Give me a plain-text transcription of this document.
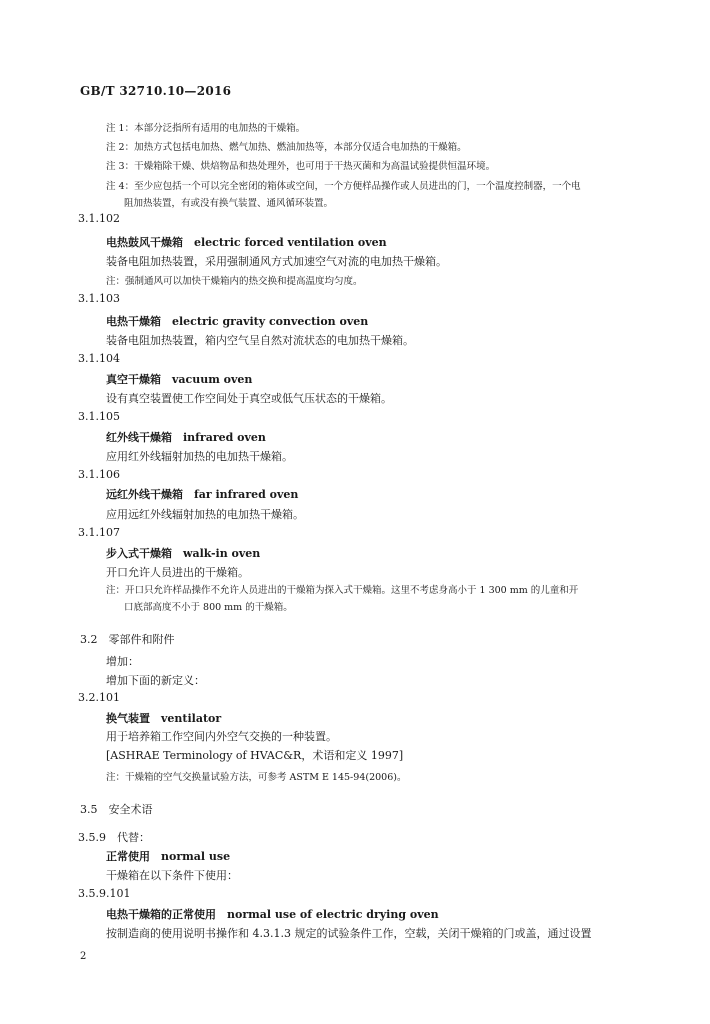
GB/T 32710.10—2016
注 1：本部分泛指所有适用的电加热的干燥箱。
注 2：加热方式包括电加热、燃气加热、燃油加热等，本部分仅适合电加热的干燥箱。
注 3：干燥箱除干燥、烘焙物品和热处理外，也可用于干热灭菌和为高温试验提供恒温环境。
注 4：至少应包括一个可以完全密闭的箱体或空间，一个方便样品操作或人员进出的门，一个温度控制器，一个电
阻加热装置，有或没有换气装置、通风循环装置。
3.1.102
电热鼓风干燥箱　electric forced ventilation oven
装备电阻加热装置，采用强制通风方式加速空气对流的电加热干燥箱。
注：强制通风可以加快干燥箱内的热交换和提高温度均匀度。
3.1.103
电热干燥箱　electric gravity convection oven
装备电阻加热装置，箱内空气呈自然对流状态的电加热干燥箱。
3.1.104
真空干燥箱　vacuum oven
设有真空装置使工作空间处于真空或低气压状态的干燥箱。
3.1.105
红外线干燥箱　infrared oven
应用红外线辐射加热的电加热干燥箱。
3.1.106
远红外线干燥箱　far infrared oven
应用远红外线辐射加热的电加热干燥箱。
3.1.107
步入式干燥箱　walk-in oven
开口允许人员进出的干燥箱。
注：开口只允许样品操作不允许人员进出的干燥箱为探入式干燥箱。这里不考虑身高小于 1 300 mm 的儿童和开
口底部高度不小于 800 mm 的干燥箱。
3.2　零部件和附件
增加：
增加下面的新定义：
3.2.101
换气装置　ventilator
用于培养箱工作空间内外空气交换的一种装置。
[ASHRAE Terminology of HVAC&R，术语和定义 1997]
注：干燥箱的空气交换量试验方法，可参考 ASTM E 145-94(2006)。
3.5　安全术语
3.5.9　代替：
正常使用　normal use
干燥箱在以下条件下使用：
3.5.9.101
电热干燥箱的正常使用　normal use of electric drying oven
按制造商的使用说明书操作和 4.3.1.3 规定的试验条件工作，空载，关闭干燥箱的门或盖，通过设置
2
